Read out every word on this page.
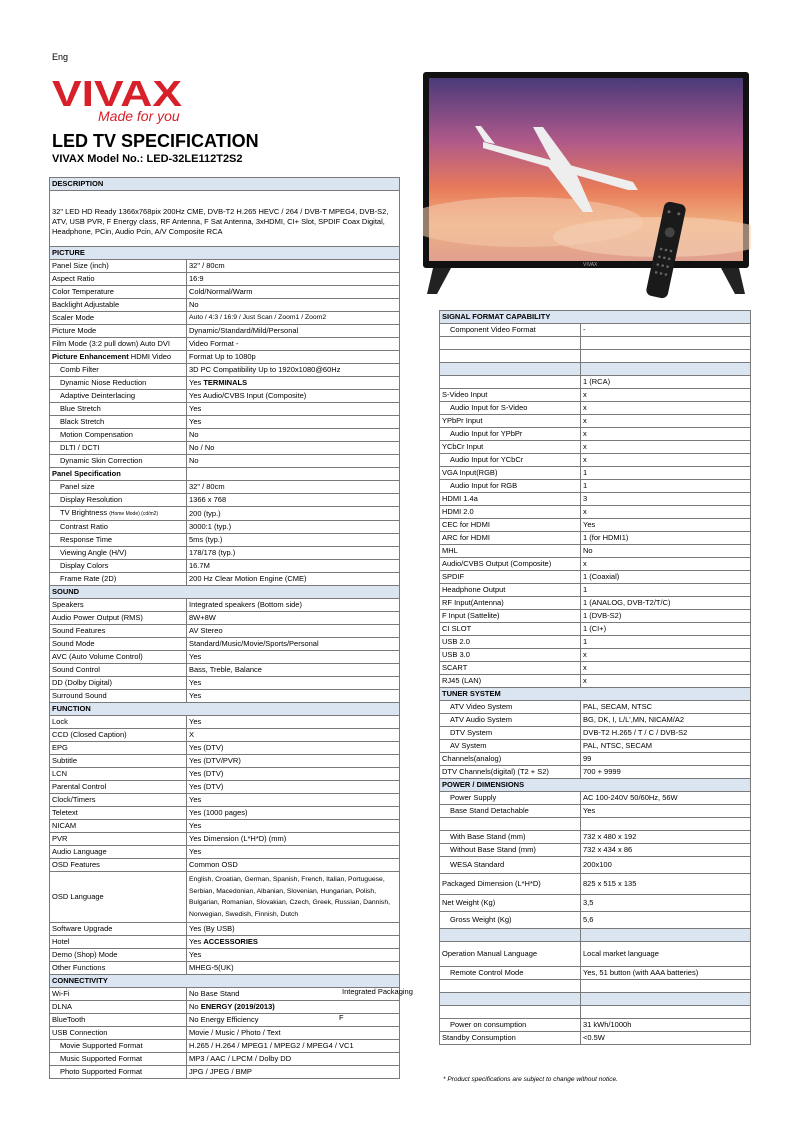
Eng
VIVAX
Made for you
LED TV SPECIFICATION
VIVAX Model No.: LED-32LE112T2S2
VIVAX
DESCRIPTION
32" LED HD Ready 1366x768pix 200Hz CME, DVB-T2 H.265 HEVC / 264 / DVB-T MPEG4, DVB-S2, ATV, USB PVR, F Energy class, RF Antenna, F Sat Antenna, 3xHDMI, CI+ Slot, SPDIF Coax Digital, Headphone, PCin, Audio Pcin, A/V Composite RCA
PICTURE	
Panel Size (inch)	32" / 80cm
Aspect Ratio	16:9
Color Temperature	Cold/Normal/Warm
Backlight Adjustable	No
Scaler Mode	Auto / 4:3 / 16:9 / Just Scan / Zoom1 / Zoom2
Picture Mode	Dynamic/Standard/Mild/Personal
Film Mode (3:2 pull down) Auto DVI	Video Format -
Picture Enhancement HDMI Video	Format Up to 1080p
Comb Filter	3D PC Compatibility Up to 1920x1080@60Hz
Dynamic Niose Reduction	Yes TERMINALS
Adaptive Deinterlacing	Yes Audio/CVBS Input (Composite)
Blue Stretch	Yes
Black Stretch	Yes
Motion Compensation	No
DLTI / DCTI	No / No
Dynamic Skin Correction	No
Panel Specification	
Panel size	32" / 80cm
Display Resolution	1366 x 768
TV Brightness (Home Mode) (cd/m2)	200 (typ.)
Contrast Ratio	3000:1 (typ.)
Response Time	5ms (typ.)
Viewing Angle (H/V)	178/178 (typ.)
Display Colors	16.7M
Frame Rate (2D)	200 Hz Clear Motion Engine (CME)
SOUND	
Speakers	Integrated speakers (Bottom side)
Audio Power Output (RMS)	8W+8W
Sound Features	AV Stereo
Sound Mode	Standard/Music/Movie/Sports/Personal
AVC (Auto Volume Control)	Yes
Sound Control	Bass, Treble, Balance
DD (Dolby Digital)	Yes
Surround Sound	Yes
FUNCTION	
Lock	Yes
CCD (Closed Caption)	X
EPG	Yes (DTV)
Subtitle	Yes (DTV/PVR)
LCN	Yes (DTV)
Parental Control	Yes (DTV)
Clock/Timers	Yes
Teletext	Yes (1000 pages)
NICAM	Yes
PVR	Yes Dimension (L*H*D) (mm)
Audio Language	Yes
OSD Features	Common OSD
OSD Language	English, Croatian, German, Spanish, French, Italian, Portuguese, Serbian, Macedonian, Albanian, Slovenian, Hungarian, Polish, Bulgarian, Romanian, Slovakian, Czech, Greek, Russian, Dannish, Norwegian, Swedish, Finnish, Dutch
Software Upgrade	Yes (By USB)
Hotel	Yes ACCESSORIES
Demo (Shop) Mode	Yes
Other Functions	MHEG-5(UK)
CONNECTIVITY	
Wi-Fi	No Base Stand
DLNA	No ENERGY (2019/2013)
BlueTooth	No Energy Efficiency
USB Connection	Movie / Music / Photo / Text
Movie Supported Format	H.265 / H.264 / MPEG1 / MPEG2 / MPEG4 / VC1
Music Supported Format	MP3 / AAC / LPCM / Dolby DD
Photo Supported Format	JPG / JPEG / BMP
SIGNAL FORMAT CAPABILITY	
Component Video Format	-

	1 (RCA)
S-Video Input	x
Audio Input for S-Video	x
YPbPr Input	x
Audio Input for YPbPr	x
YCbCr Input	x
Audio Input for YCbCr	x
VGA Input(RGB)	1
Audio Input for RGB	1
HDMI 1.4a	3
HDMI 2.0	x
CEC for HDMI	Yes
ARC for HDMI	1 (for HDMI1)
MHL	No
Audio/CVBS Output (Composite)	x
SPDIF	1 (Coaxial)
Headphone Output	1
RF Input(Antenna)	1 (ANALOG, DVB-T2/T/C)
F Input (Sattelite)	1 (DVB-S2)
CI SLOT	1 (CI+)
USB 2.0	1
USB 3.0	x
SCART	x
RJ45 (LAN)	x
TUNER SYSTEM	
ATV Video System	PAL, SECAM, NTSC
ATV Audio System	BG, DK, I, L/L',MN, NICAM/A2
DTV System	DVB-T2 H.265 / T / C / DVB-S2
AV System	PAL, NTSC, SECAM
Channels(analog)	99
DTV Channels(digital) (T2 + S2)	700 + 9999
POWER / DIMENSIONS	
Power Supply	AC 100-240V 50/60Hz, 56W
Base Stand Detachable	Yes

With Base Stand (mm)	732 x 480 x 192
Without Base Stand (mm)	732 x 434 x 86
WESA Standard	200x100
Packaged Dimension (L*H*D)	825 x 515 x 135
Net Weight (Kg)	3,5
Gross Weight (Kg)	5,6

Operation Manual Language	Local market language
Remote Control Mode	Yes, 51 button (with AAA batteries)

Power on consumption	31 kWh/1000h
Standby Consumption	<0.5W
Integrated Packaging
F
* Product specifications are subject to change without notice.
